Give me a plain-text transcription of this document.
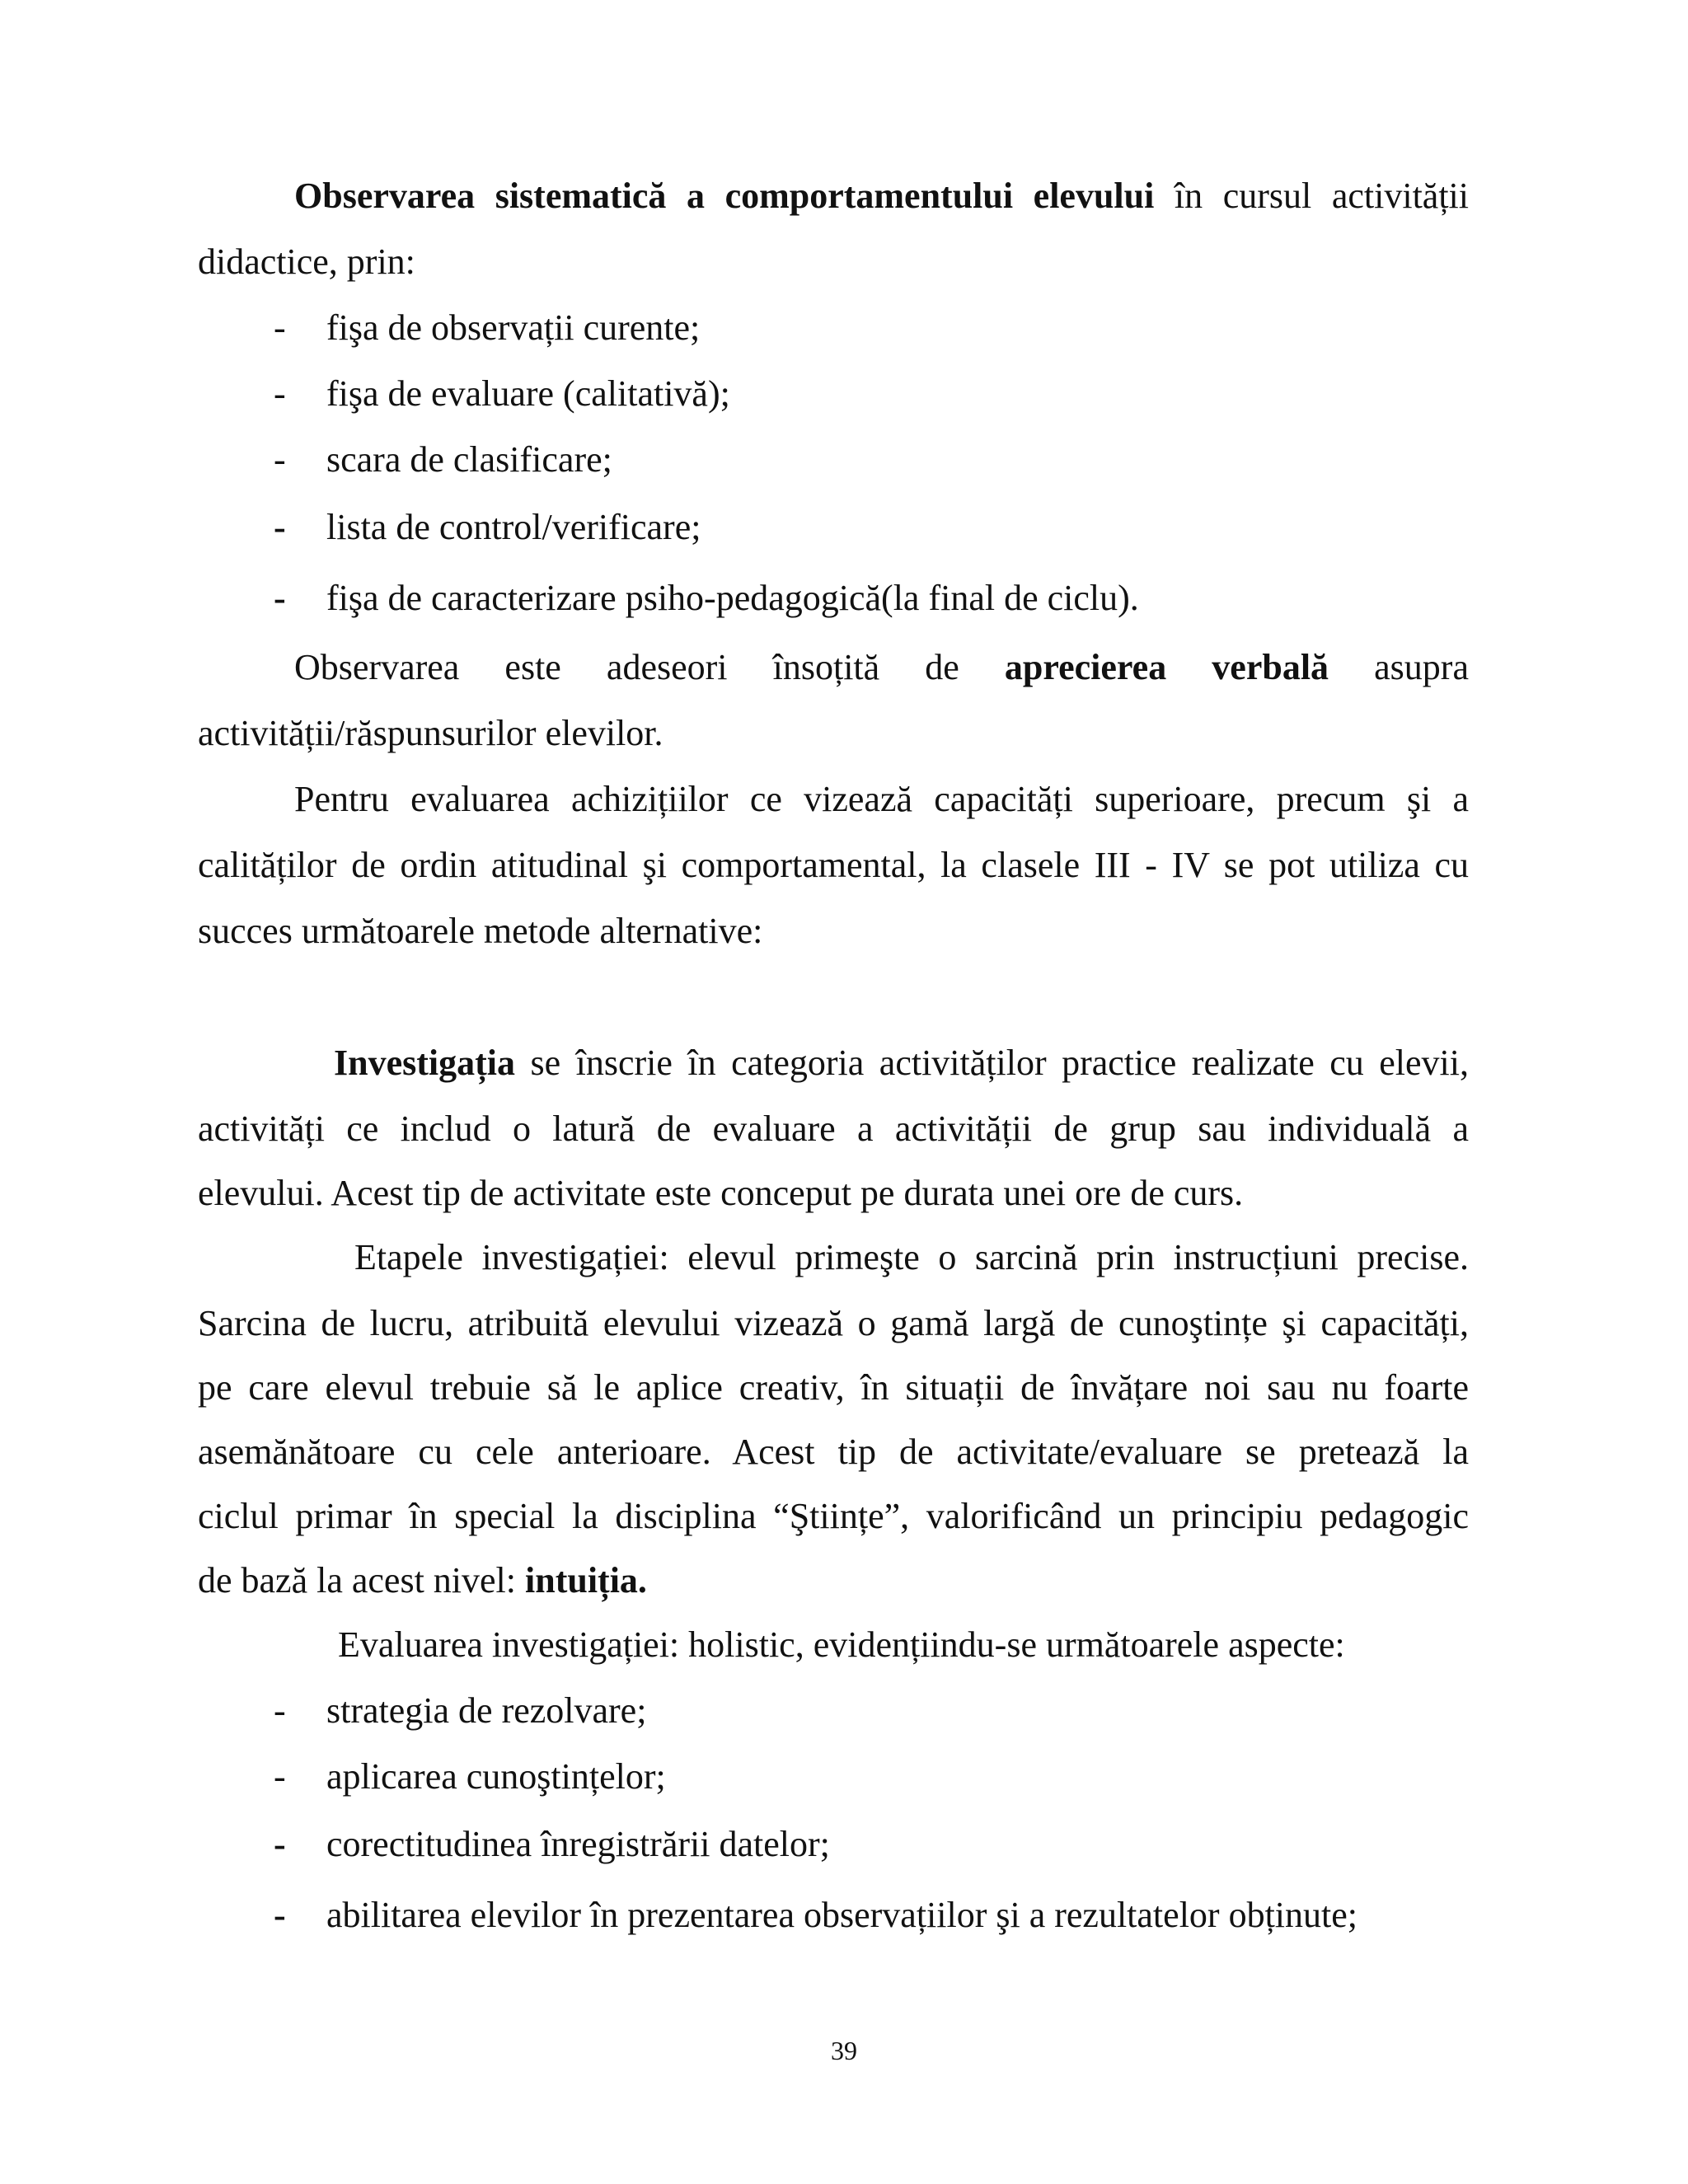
Observarea sistematică a comportamentului elevului în cursul activității
didactice, prin:
- fişa de observații curente;
- fişa de evaluare (calitativă);
- scara de clasificare;
- lista de control/verificare;
- fişa de caracterizare psiho-pedagogică(la final de ciclu).
Observarea este adeseori însoțită de aprecierea verbală asupra
activității/răspunsurilor elevilor.
Pentru evaluarea achizițiilor ce vizează capacități superioare, precum şi a
calităților de ordin atitudinal şi comportamental, la clasele III - IV se pot utiliza cu
succes următoarele metode alternative:
Investigația se înscrie în categoria activităților practice realizate cu elevii,
activități ce includ o latură de evaluare a activității de grup sau individuală a
elevului. Acest tip de activitate este conceput pe durata unei ore de curs.
Etapele investigației: elevul primeşte o sarcină prin instrucțiuni precise.
Sarcina de lucru, atribuită elevului vizează o gamă largă de cunoştințe şi capacități,
pe care elevul trebuie să le aplice creativ, în situații de învățare noi sau nu foarte
asemănătoare cu cele anterioare. Acest tip de activitate/evaluare se pretează la
ciclul primar în special la disciplina “Ştiințe”, valorificând un principiu pedagogic
de bază la acest nivel: intuiția.
Evaluarea investigației: holistic, evidențiindu-se următoarele aspecte:
- strategia de rezolvare;
- aplicarea cunoştințelor;
- corectitudinea înregistrării datelor;
- abilitarea elevilor în prezentarea observațiilor şi a rezultatelor obținute;
39
